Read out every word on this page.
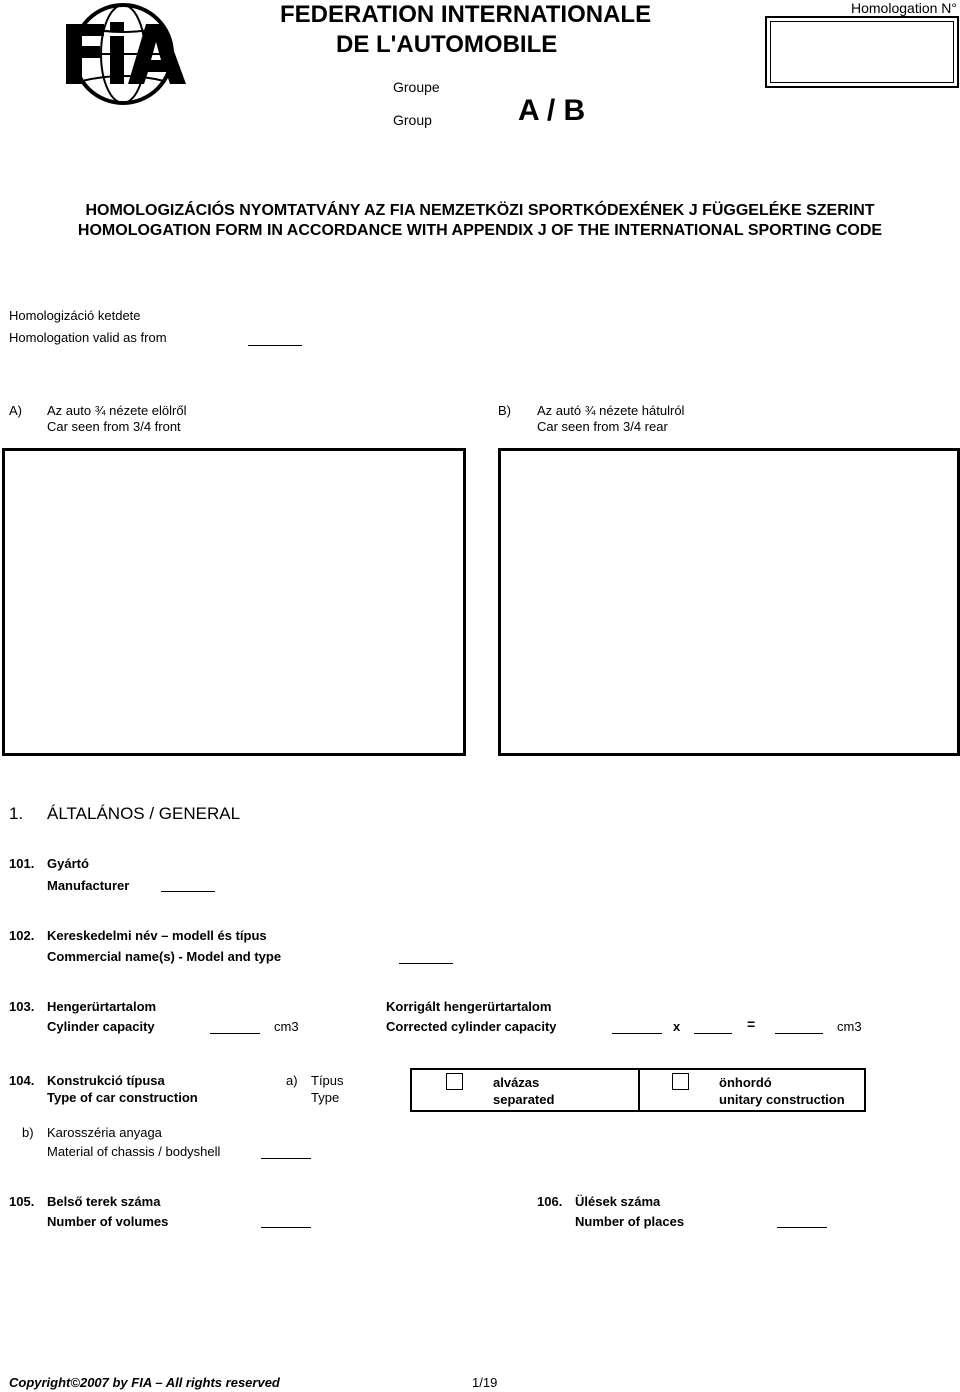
FEDERATION INTERNATIONALE
DE L'AUTOMOBILE
Groupe
Group	A / B
Homologation N°
HOMOLOGIZÁCIÓS NYOMTATVÁNY AZ FIA NEMZETKÖZI SPORTKÓDEXÉNEK J FÜGGELÉKE SZERINT
HOMOLOGATION FORM IN ACCORDANCE WITH APPENDIX J OF THE INTERNATIONAL SPORTING CODE
Homologizáció ketdete
Homologation valid as from
A) Az auto ¾ nézete elölről
Car seen from 3/4 front
B) Az autó ¾ nézete hátulról
Car seen from 3/4 rear
1. ÁLTALÁNOS / GENERAL
101. Gyártó
Manufacturer
102. Kereskedelmi név – modell és típus
Commercial name(s) - Model and type
103. Hengerürtartalom
Cylinder capacity	cm3
Korrigált hengerürtartalom
Corrected cylinder capacity	x	=	cm3
104. Konstrukció típusa
Type of car construction
a) Típus
Type
alvázas
separated
önhordó
unitary construction
b) Karosszéria anyaga
Material of chassis / bodyshell
105. Belső terek száma
Number of volumes
106. Ülések száma
Number of places
Copyright©2007 by FIA – All rights reserved	1/19
